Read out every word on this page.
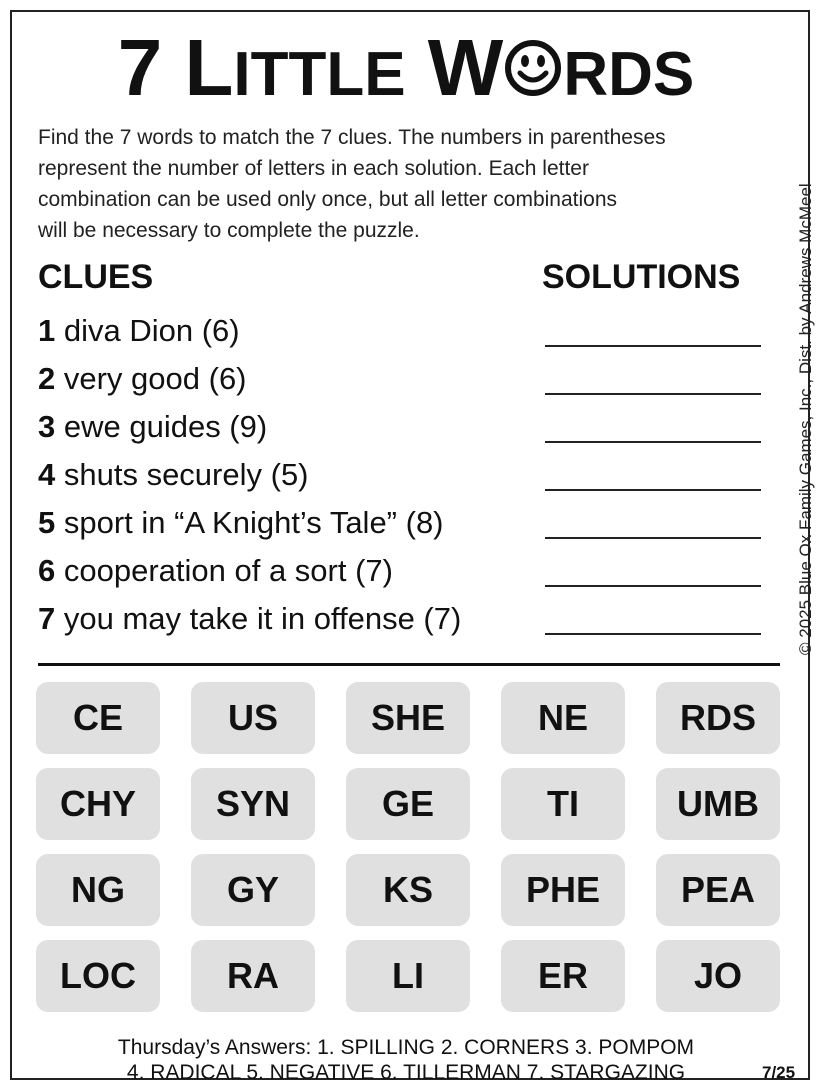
7 LITTLE W RDS
Find the 7 words to match the 7 clues. The numbers in parentheses
represent the number of letters in each solution. Each letter
combination can be used only once, but all letter combinations
will be necessary to complete the puzzle.	© 2025 Blue Ox Family Games, Inc., Dist. by Andrews McMeel
CLUES	SOLUTIONS
1 diva Dion (6)
2 very good (6)
3 ewe guides (9)
4 shuts securely (5)
5 sport in “A Knight’s Tale” (8)
6 cooperation of a sort (7)
7 you may take it in offense (7)
CE	US	SHE	NE	RDS
CHY	SYN	GE	TI	UMB
NG	GY	KS	PHE	PEA
LOC	RA	LI	ER	JO
Thursday’s Answers: 1. SPILLING 2. CORNERS 3. POMPOM
4. RADICAL 5. NEGATIVE 6. TILLERMAN 7. STARGAZING	7/25
